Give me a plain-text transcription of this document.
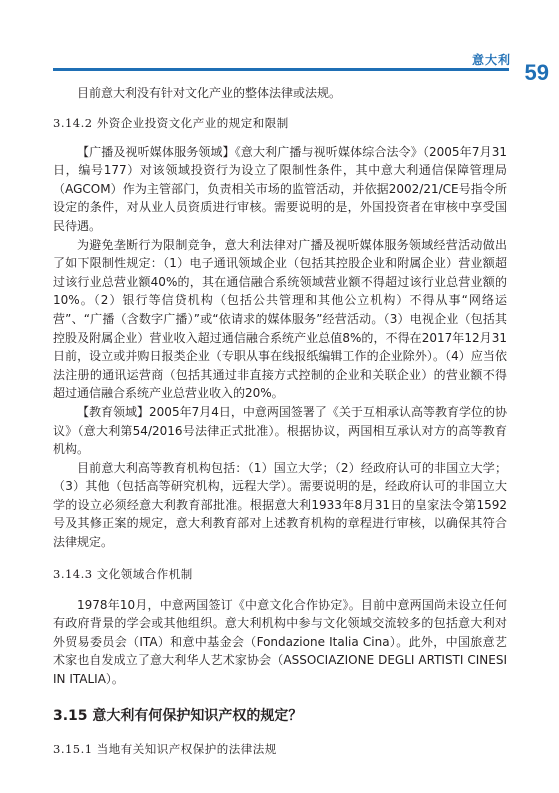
意大利 59

目前意大利没有针对文化产业的整体法律或法规。

3.14.2 外资企业投资文化产业的规定和限制

【广播及视听媒体服务领域】《意大利广播与视听媒体综合法令》（2005年7月31日，编号177）对该领域投资行为设立了限制性条件，其中意大利通信保障管理局（AGCOM）作为主管部门，负责相关市场的监管活动，并依据2002/21/CE号指令所设定的条件，对从业人员资质进行审核。需要说明的是，外国投资者在审核中享受国民待遇。

为避免垄断行为限制竞争，意大利法律对广播及视听媒体服务领域经营活动做出了如下限制性规定：（1）电子通讯领域企业（包括其控股企业和附属企业）营业额超过该行业总营业额40%的，其在通信融合系统领域营业额不得超过该行业总营业额的10%。（2）银行等信贷机构（包括公共管理和其他公立机构）不得从事“网络运营”、“广播（含数字广播）”或“依请求的媒体服务”经营活动。（3）电视企业（包括其控股及附属企业）营业收入超过通信融合系统产业总值8%的，不得在2017年12月31日前，设立或并购日报类企业（专职从事在线报纸编辑工作的企业除外）。（4）应当依法注册的通讯运营商（包括其通过非直接方式控制的企业和关联企业）的营业额不得超过通信融合系统产业总营业收入的20%。

【教育领域】2005年7月4日，中意两国签署了《关于互相承认高等教育学位的协议》（意大利第54/2016号法律正式批准）。根据协议，两国相互承认对方的高等教育机构。

目前意大利高等教育机构包括：（1）国立大学；（2）经政府认可的非国立大学；（3）其他（包括高等研究机构，远程大学）。需要说明的是，经政府认可的非国立大学的设立必须经意大利教育部批准。根据意大利1933年8月31日的皇家法令第1592号及其修正案的规定，意大利教育部对上述教育机构的章程进行审核，以确保其符合法律规定。

3.14.3 文化领域合作机制

1978年10月，中意两国签订《中意文化合作协定》。目前中意两国尚未设立任何有政府背景的学会或其他组织。意大利机构中参与文化领域交流较多的包括意大利对外贸易委员会（ITA）和意中基金会（Fondazione Italia Cina）。此外，中国旅意艺术家也自发成立了意大利华人艺术家协会（ASSOCIAZIONE DEGLI ARTISTI CINESI IN ITALIA）。

3.15 意大利有何保护知识产权的规定？

3.15.1 当地有关知识产权保护的法律法规
